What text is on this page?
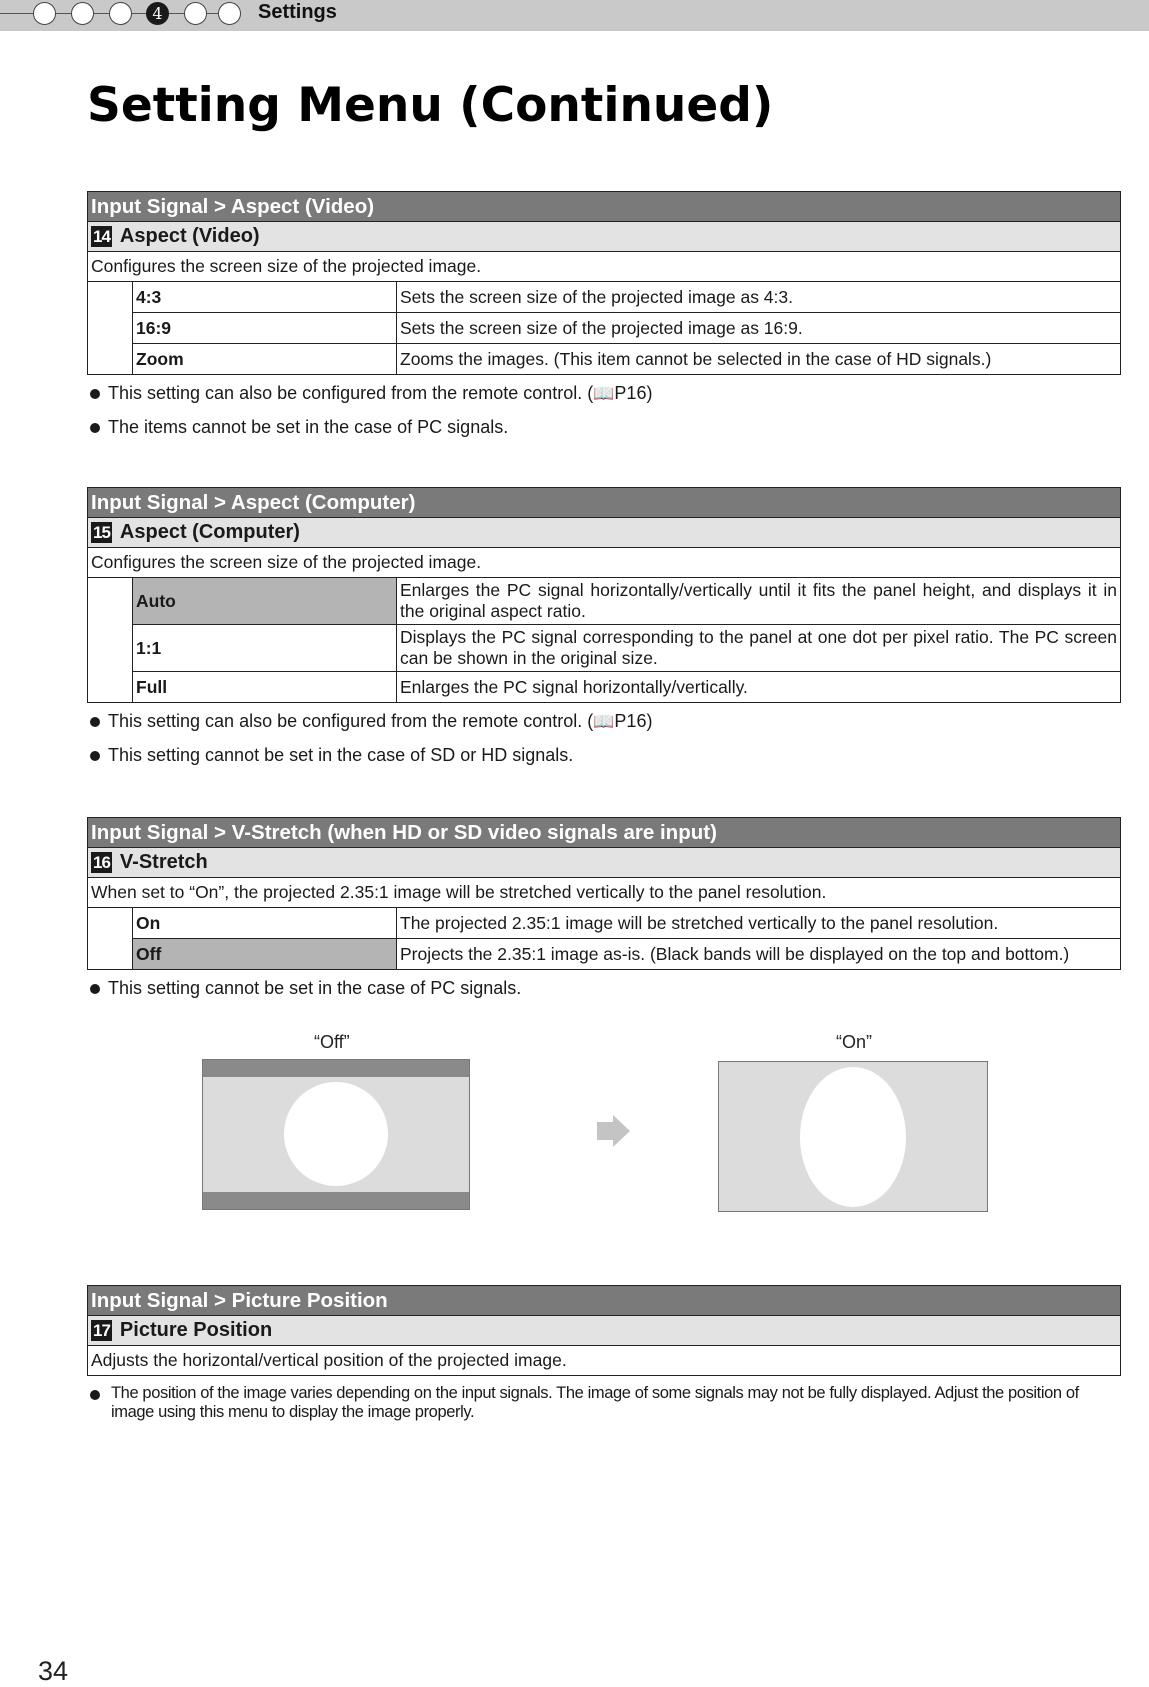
4	Settings
Setting Menu (Continued)
Input Signal > Aspect (Video)		
14 Aspect (Video)		
Configures the screen size of the projected image.		
	4:3	Sets the screen size of the projected image as 4:3.
	16:9	Sets the screen size of the projected image as 16:9.
	Zoom	Zooms the images. (This item cannot be selected in the case of HD signals.)
This setting can also be configured from the remote control. (📖P16)
The items cannot be set in the case of PC signals.
Input Signal > Aspect (Computer)		
15 Aspect (Computer)		
Configures the screen size of the projected image.		
	Auto	Enlarges the PC signal horizontally/vertically until it fits the panel height, and displays it in the original aspect ratio.
	1:1	Displays the PC signal corresponding to the panel at one dot per pixel ratio. The PC screen can be shown in the original size.
	Full	Enlarges the PC signal horizontally/vertically.
This setting can also be configured from the remote control. (📖P16)
This setting cannot be set in the case of SD or HD signals.
Input Signal > V-Stretch (when HD or SD video signals are input)		
16 V-Stretch		
When set to “On”, the projected 2.35:1 image will be stretched vertically to the panel resolution.		
	On	The projected 2.35:1 image will be stretched vertically to the panel resolution.
	Off	Projects the 2.35:1 image as-is. (Black bands will be displayed on the top and bottom.)
This setting cannot be set in the case of PC signals.
“Off”	“On”
Input Signal > Picture Position
17 Picture Position
Adjusts the horizontal/vertical position of the projected image.
The position of the image varies depending on the input signals. The image of some signals may not be fully displayed. Adjust the position of image using this menu to display the image properly.
34
